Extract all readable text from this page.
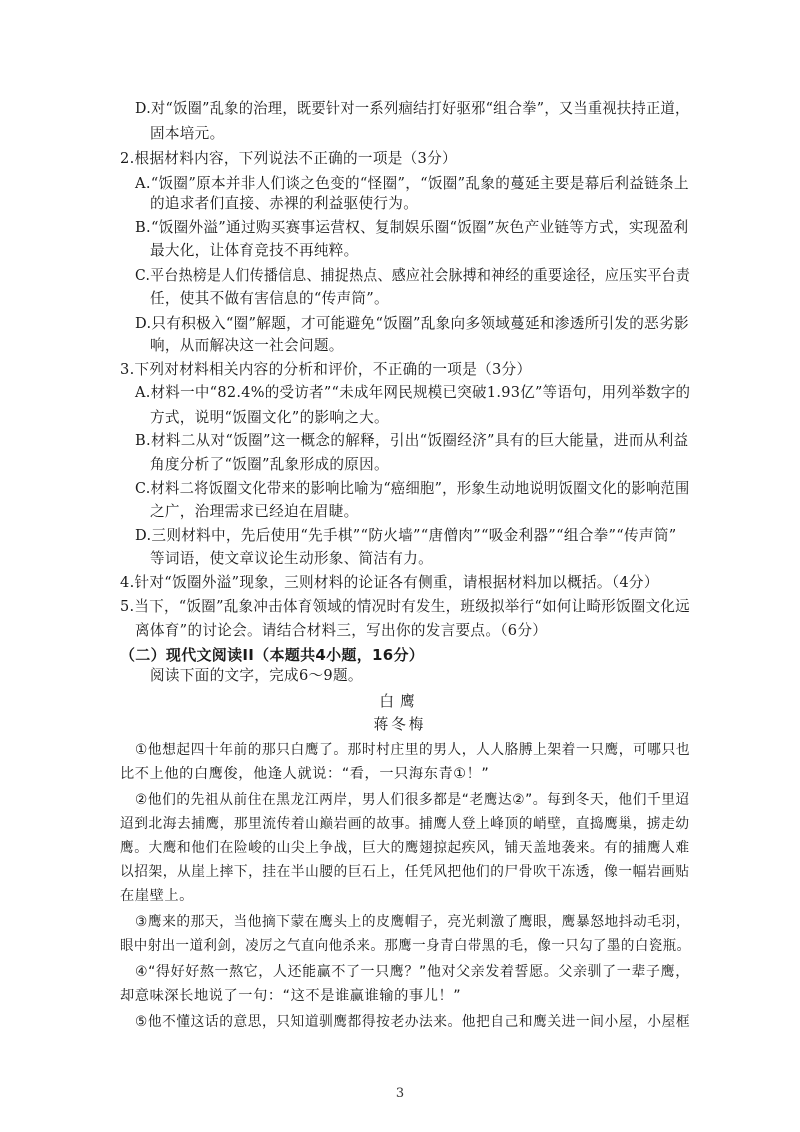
D.对“饭圈”乱象的治理，既要针对一系列痼结打好驱邪“组合拳”，又当重视扶持正道，
固本培元。
2.根据材料内容，下列说法不正确的一项是（3分）
A.“饭圈”原本并非人们谈之色变的“怪圈”，“饭圈”乱象的蔓延主要是幕后利益链条上
的追求者们直接、赤裸的利益驱使行为。
B.“饭圈外溢”通过购买赛事运营权、复制娱乐圈“饭圈”灰色产业链等方式，实现盈利
最大化，让体育竞技不再纯粹。
C.平台热榜是人们传播信息、捕捉热点、感应社会脉搏和神经的重要途径，应压实平台责
任，使其不做有害信息的“传声筒”。
D.只有积极入“圈”解题，才可能避免“饭圈”乱象向多领域蔓延和渗透所引发的恶劣影
响，从而解决这一社会问题。
3.下列对材料相关内容的分析和评价，不正确的一项是（3分）
A.材料一中“82.4%的受访者”“未成年网民规模已突破1.93亿”等语句，用列举数字的
方式，说明“饭圈文化”的影响之大。
B.材料二从对“饭圈”这一概念的解释，引出“饭圈经济”具有的巨大能量，进而从利益
角度分析了“饭圈”乱象形成的原因。
C.材料二将饭圈文化带来的影响比喻为“癌细胞”，形象生动地说明饭圈文化的影响范围
之广，治理需求已经迫在眉睫。
D.三则材料中，先后使用“先手棋”“防火墙”“唐僧肉”“吸金利器”“组合拳”“传声筒”
等词语，使文章议论生动形象、简洁有力。
4.针对“饭圈外溢”现象，三则材料的论证各有侧重，请根据材料加以概括。（4分）
5.当下，“饭圈”乱象冲击体育领域的情况时有发生，班级拟举行“如何让畸形饭圈文化远
离体育”的讨论会。请结合材料三，写出你的发言要点。（6分）
（二）现代文阅读II（本题共4小题，16分）
阅读下面的文字，完成6～9题。
白鹰
蒋冬梅
①他想起四十年前的那只白鹰了。那时村庄里的男人，人人胳膊上架着一只鹰，可哪只也
比不上他的白鹰俊，他逢人就说：“看，一只海东青①！”
②他们的先祖从前住在黑龙江两岸，男人们很多都是“老鹰达②”。每到冬天，他们千里迢
迢到北海去捕鹰，那里流传着山巅岩画的故事。捕鹰人登上峰顶的峭壁，直捣鹰巢，掳走幼
鹰。大鹰和他们在险峻的山尖上争战，巨大的鹰翅掠起疾风，铺天盖地袭来。有的捕鹰人难
以招架，从崖上摔下，挂在半山腰的巨石上，任凭风把他们的尸骨吹干冻透，像一幅岩画贴
在崖壁上。
③鹰来的那天，当他摘下蒙在鹰头上的皮鹰帽子，亮光刺激了鹰眼，鹰暴怒地抖动毛羽，
眼中射出一道利剑，凌厉之气直向他杀来。那鹰一身青白带黑的毛，像一只勾了墨的白瓷瓶。
④“得好好熬一熬它，人还能赢不了一只鹰？”他对父亲发着誓愿。父亲驯了一辈子鹰，
却意味深长地说了一句：“这不是谁赢谁输的事儿！”
⑤他不懂这话的意思，只知道驯鹰都得按老办法来。他把自己和鹰关进一间小屋，小屋框
3
